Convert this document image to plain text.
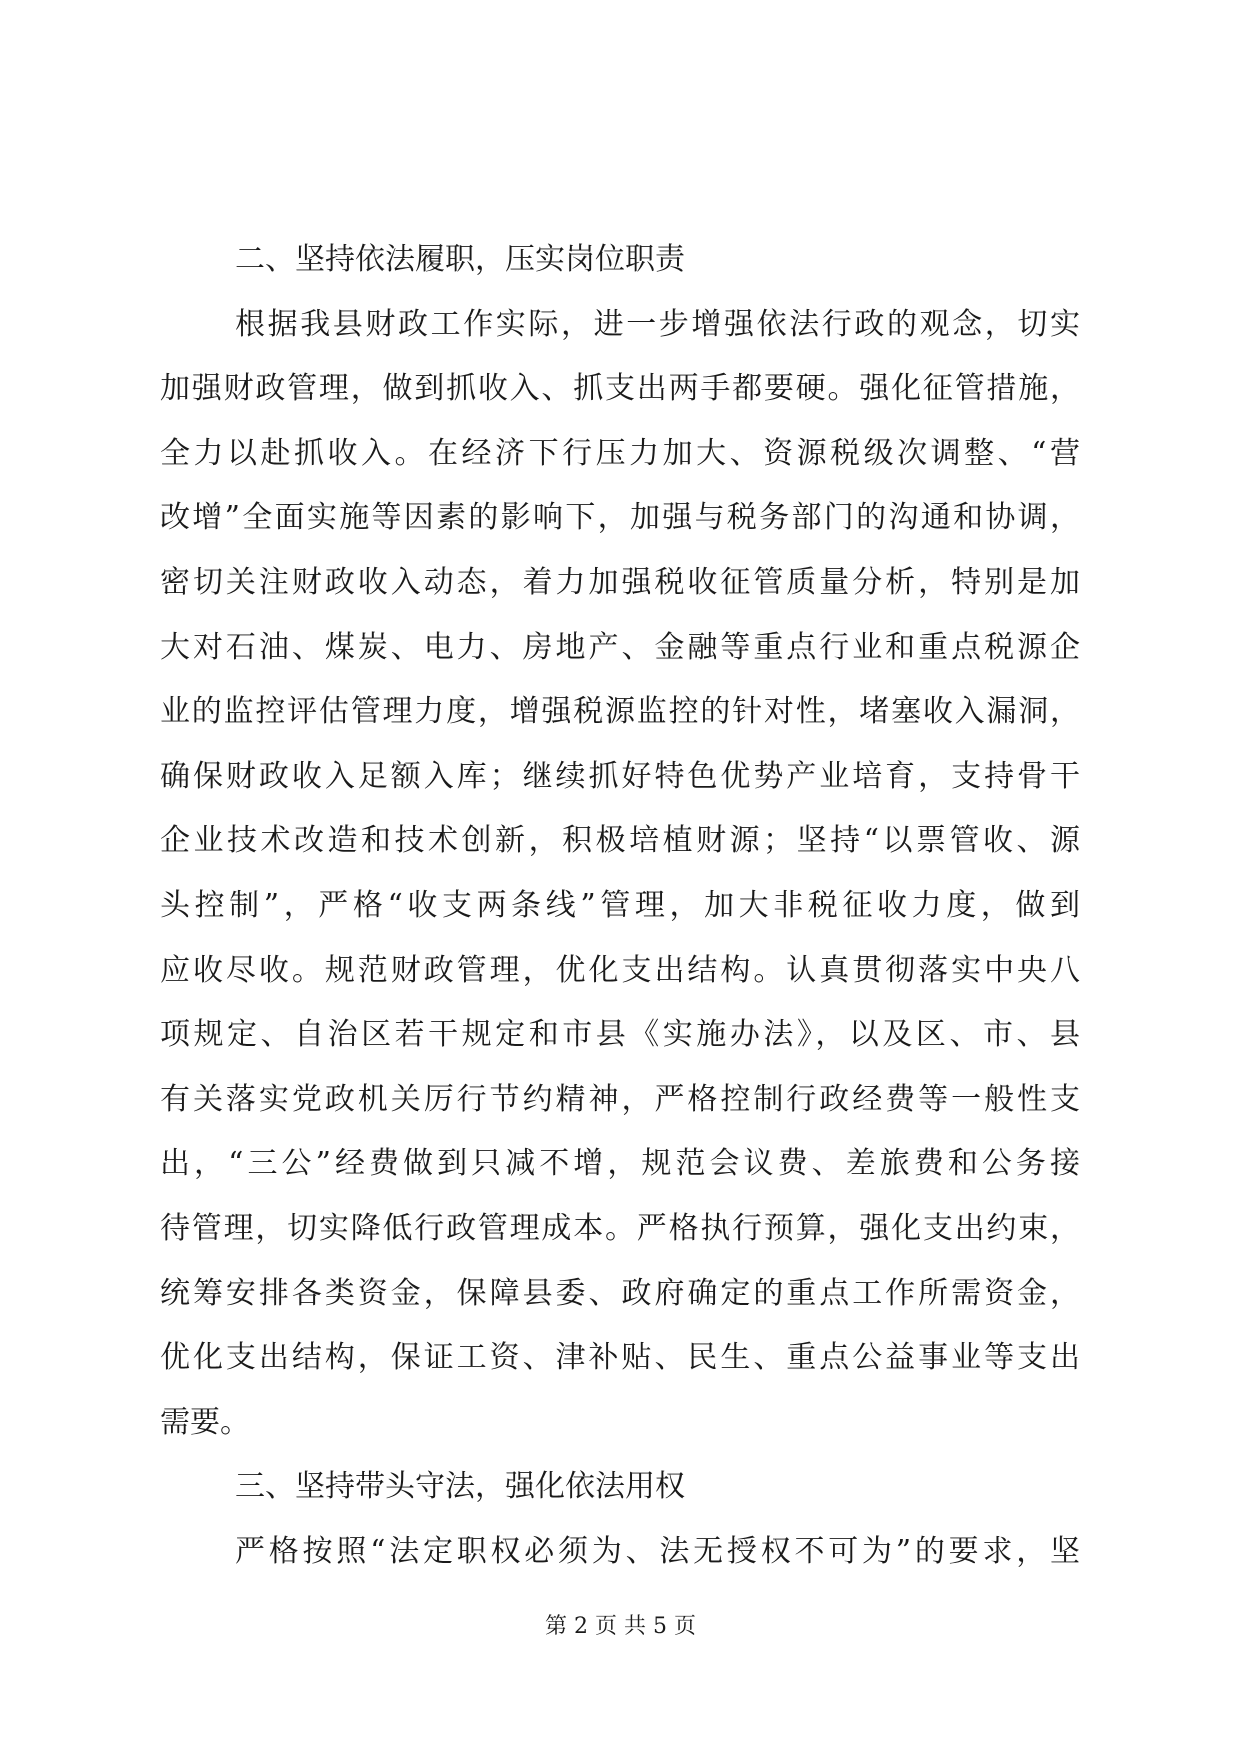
二、坚持依法履职，压实岗位职责
根据我县财政工作实际，进一步增强依法行政的观念，切实
加强财政管理，做到抓收入、抓支出两手都要硬。强化征管措施，
全力以赴抓收入。在经济下行压力加大、资源税级次调整、“营
改增”全面实施等因素的影响下，加强与税务部门的沟通和协调，
密切关注财政收入动态，着力加强税收征管质量分析，特别是加
大对石油、煤炭、电力、房地产、金融等重点行业和重点税源企
业的监控评估管理力度，增强税源监控的针对性，堵塞收入漏洞，
确保财政收入足额入库；继续抓好特色优势产业培育，支持骨干
企业技术改造和技术创新，积极培植财源；坚持“以票管收、源
头控制”，严格“收支两条线”管理，加大非税征收力度，做到
应收尽收。规范财政管理，优化支出结构。认真贯彻落实中央八
项规定、自治区若干规定和市县《实施办法》，以及区、市、县
有关落实党政机关厉行节约精神，严格控制行政经费等一般性支
出，“三公”经费做到只减不增，规范会议费、差旅费和公务接
待管理，切实降低行政管理成本。严格执行预算，强化支出约束，
统筹安排各类资金，保障县委、政府确定的重点工作所需资金，
优化支出结构，保证工资、津补贴、民生、重点公益事业等支出
需要。
三、坚持带头守法，强化依法用权
严格按照“法定职权必须为、法无授权不可为”的要求，坚
第 2 页 共 5 页
